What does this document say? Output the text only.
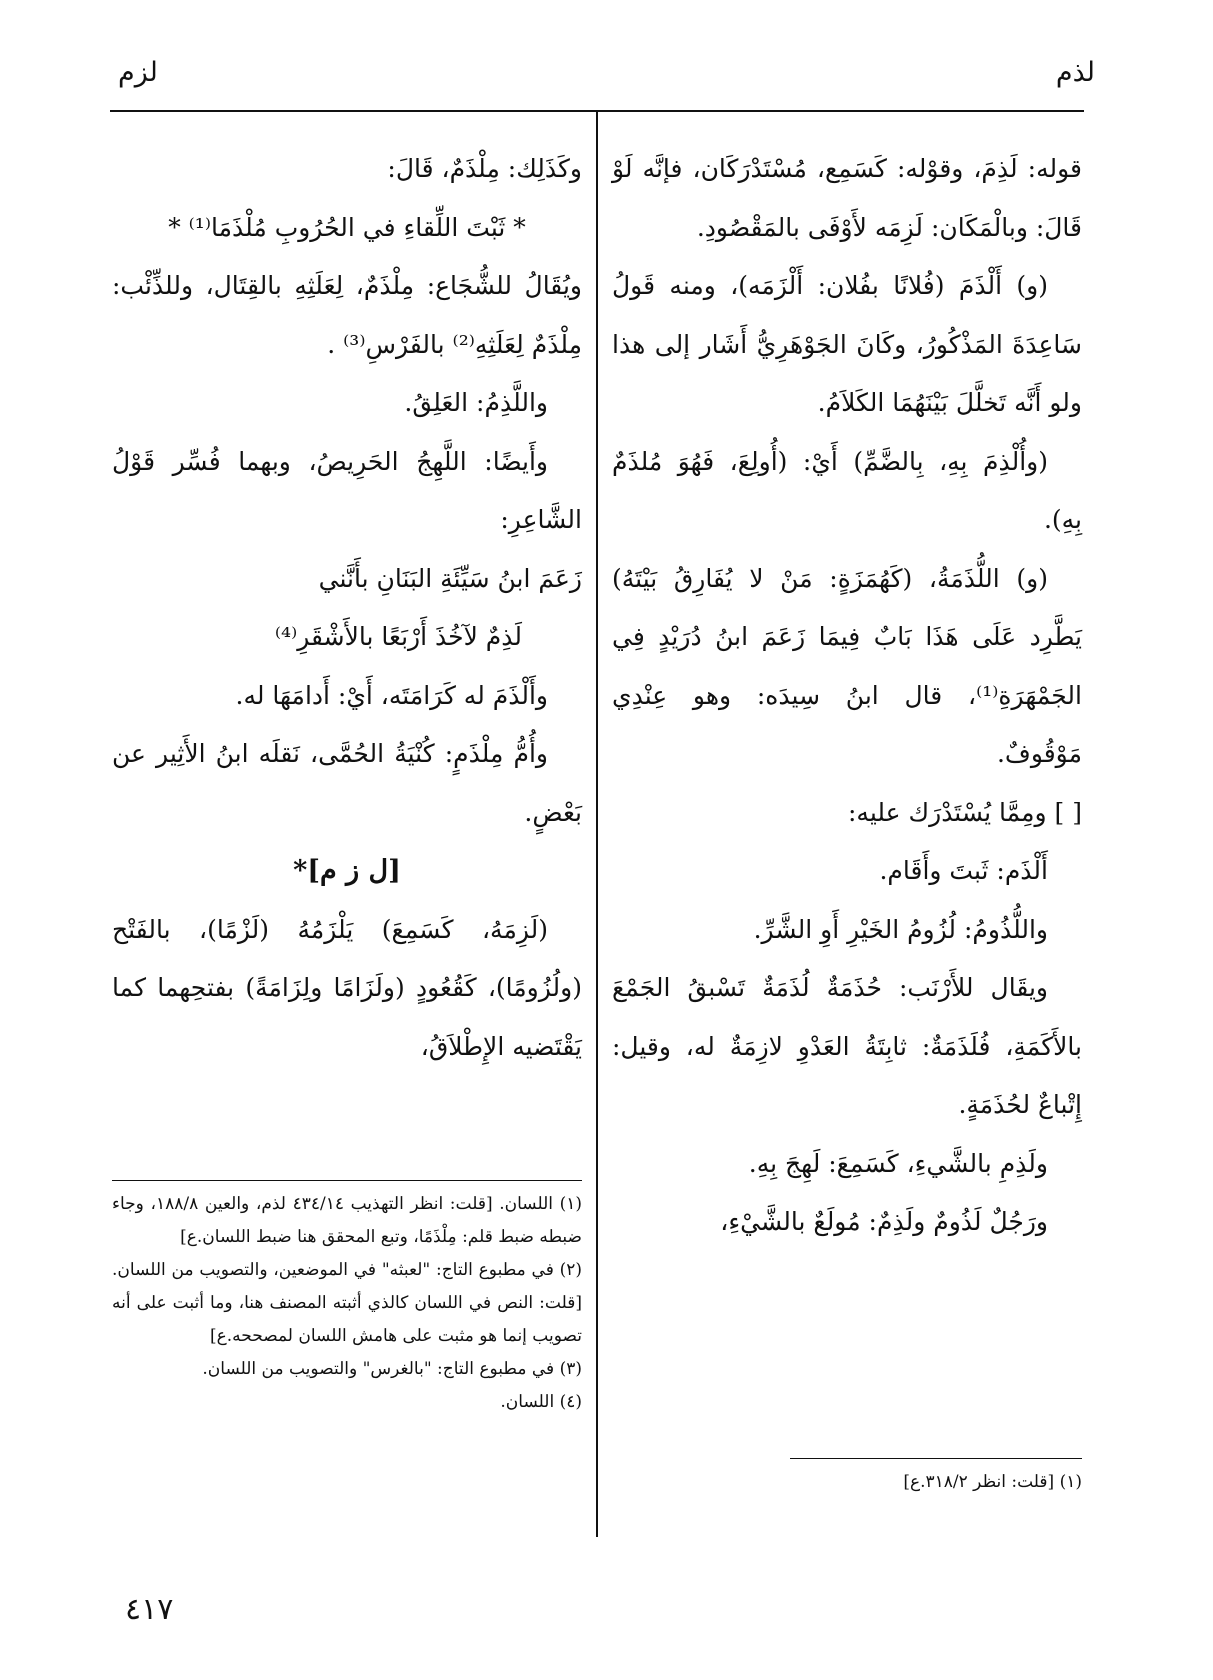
لذم
لزم

قوله: لَذِمَ، وقوْله: كَسَمِع، مُسْتَدْرَكَان، فإنَّه لَوْ قَالَ: وبالْمَكَان: لَزِمَه لأَوْفَى بالمَقْصُودِ.

(و) أَلْذَمَ (فُلانًا بفُلان: أَلْزَمَه)، ومنه قَولُ سَاعِدَةَ المَذْكُورُ، وكَانَ الجَوْهَرِيُّ أَشَار إلى هذا ولو أَنَّه تَخلَّلَ بَيْنَهُمَا الكَلاَمُ.

(وأُلْذِمَ بِهِ، بِالضَّمِّ) أَيْ: (أُولِعَ، فَهُوَ مُلذَمٌ بِهِ).

(و) اللُّذَمَةُ، (كَهُمَزَةٍ: مَنْ لا يُفَارِقُ بَيْتَهُ) يَطَّرِد عَلَى هَذَا بَابٌ فِيمَا زَعَمَ ابنُ دُرَيْدٍ فِي الجَمْهَرَةِ⁽¹⁾، قال ابنُ سِيدَه: وهو عِنْدِي مَوْقُوفٌ.

[ ] ومِمَّا يُسْتَدْرَك عليه:

أَلْذَم: ثَبتَ وأَقَام.

واللُّذُومُ: لُزُومُ الخَيْرِ أَوِ الشَّرِّ.

ويقَال للأَرْنَب: حُذَمَةٌ لُذَمَةٌ تَسْبقُ الجَمْعَ بالأَكَمَةِ، فُلَذَمَةٌ: ثابِتَةُ العَدْوِ لازِمَةٌ له، وقيل: إِتْباعٌ لحُذَمَةٍ.

ولَذِمِ بالشَّيءِ، كَسَمِعَ: لَهِجَ بِهِ.

ورَجُلٌ لَذُومٌ ولَذِمٌ: مُولَعٌ بالشَّيْءِ،

وكَذَلِك: مِلْذَمٌ، قَالَ:

* ثَبْتَ اللِّقاءِ في الحُرُوبِ مُلْذَمَا⁽¹⁾ *

ويُقَالُ للشُّجَاع: مِلْذَمٌ، لِعَلَثِهِ بالقِتَال، وللذِّئْب: مِلْذَمٌ لِعَلَثِهِ⁽²⁾ بالفَرْسِ⁽³⁾ .

واللَّذِمُ: العَلِقُ.

وأَيضًا: اللَّهِجُ الحَرِيصُ، وبهما فُسِّر قَوْلُ الشَّاعِرِ:

زَعَمَ ابنُ سَيِّئَةِ البَنَانِ بأَنَّني

لَذِمٌ لآخُذَ أَرْبَعًا بالأَشْقَرِ⁽⁴⁾

وأَلْذَمَ له كَرَامَتَه، أَيْ: أَدامَهَا له.

وأُمُّ مِلْذَمٍ: كُنْيَةُ الحُمَّى، نَقلَه ابنُ الأَثِير عن بَعْضٍ.

[ل ز م]*

(لَزِمَهُ، كَسَمِعَ) يَلْزَمُهُ (لَزْمًا)، بالفَتْح (ولُزُومًا)، كَقُعُودٍ (ولَزَامًا ولِزَامَةً) بفتحِهما كما يَقْتَضيه الإِطْلاَقُ،

(١) اللسان. [قلت: انظر التهذيب ٤٣٤/١٤ لذم، والعين ١٨٨/٨، وجاء ضبطه ضبط قلم: مِلْذَمًا، وتبع المحقق هنا ضبط اللسان.ع]

(٢) في مطبوع التاج: "لعبثه" في الموضعين، والتصويب من اللسان. [قلت: النص في اللسان كالذي أثبته المصنف هنا، وما أثبت على أنه تصويب إنما هو مثبت على هامش اللسان لمصححه.ع]

(٣) في مطبوع التاج: "بالغرس" والتصويب من اللسان.

(٤) اللسان.

(١) [قلت: انظر ٣١٨/٢.ع]

٤١٧
